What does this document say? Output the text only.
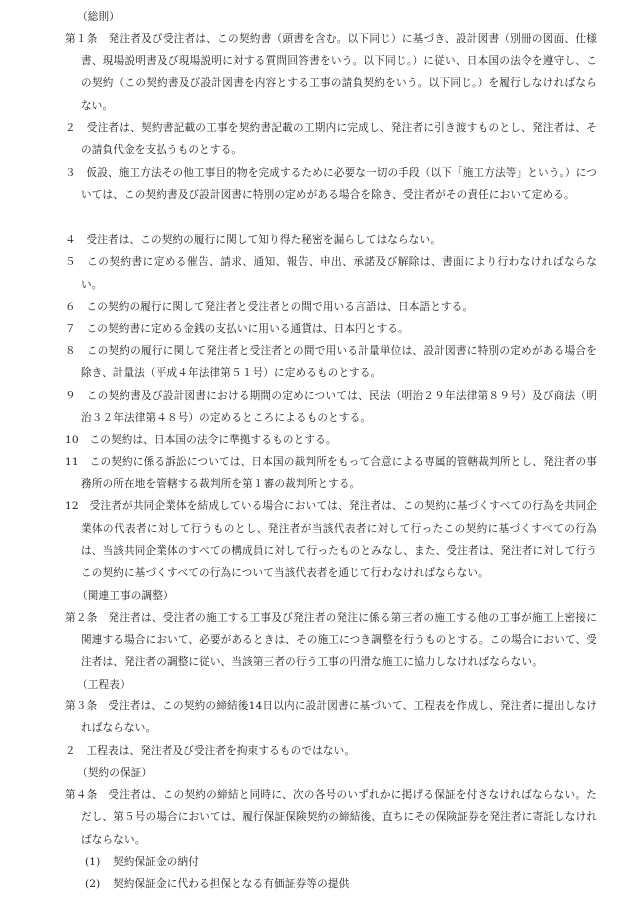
（総則）
第１条　発注者及び受注者は、この契約書（頭書を含む。以下同じ）に基づき、設計図書（別冊の図面、仕様書、現場説明書及び現場説明に対する質問回答書をいう。以下同じ。）に従い、日本国の法令を遵守し、この契約（この契約書及び設計図書を内容とする工事の請負契約をいう。以下同じ。）を履行しなければならない。
２　受注者は、契約書記載の工事を契約書記載の工期内に完成し、発注者に引き渡すものとし、発注者は、その請負代金を支払うものとする。
３　仮設、施工方法その他工事目的物を完成するために必要な一切の手段（以下「施工方法等」という。）については、この契約書及び設計図書に特別の定めがある場合を除き、受注者がその責任において定める。
４　受注者は、この契約の履行に関して知り得た秘密を漏らしてはならない。
５　この契約書に定める催告、請求、通知、報告、申出、承諾及び解除は、書面により行わなければならない。
６　この契約の履行に関して発注者と受注者との間で用いる言語は、日本語とする。
７　この契約書に定める金銭の支払いに用いる通貨は、日本円とする。
８　この契約の履行に関して発注者と受注者との間で用いる計量単位は、設計図書に特別の定めがある場合を除き、計量法（平成４年法律第５１号）に定めるものとする。
９　この契約書及び設計図書における期間の定めについては、民法（明治２９年法律第８９号）及び商法（明治３２年法律第４８号）の定めるところによるものとする。
10　この契約は、日本国の法令に準拠するものとする。
11　この契約に係る訴訟については、日本国の裁判所をもって合意による専属的管轄裁判所とし、発注者の事務所の所在地を管轄する裁判所を第１審の裁判所とする。
12　受注者が共同企業体を結成している場合においては、発注者は、この契約に基づくすべての行為を共同企業体の代表者に対して行うものとし、発注者が当該代表者に対して行ったこの契約に基づくすべての行為は、当該共同企業体のすべての構成員に対して行ったものとみなし、また、受注者は、発注者に対して行うこの契約に基づくすべての行為について当該代表者を通じて行わなければならない。
（関連工事の調整）
第２条　発注者は、受注者の施工する工事及び発注者の発注に係る第三者の施工する他の工事が施工上密接に関連する場合において、必要があるときは、その施工につき調整を行うものとする。この場合において、受注者は、発注者の調整に従い、当該第三者の行う工事の円滑な施工に協力しなければならない。
（工程表）
第３条　受注者は、この契約の締結後14日以内に設計図書に基づいて、工程表を作成し、発注者に提出しなければならない。
２　工程表は、発注者及び受注者を拘束するものではない。
（契約の保証）
第４条　受注者は、この契約の締結と同時に、次の各号のいずれかに掲げる保証を付さなければならない。ただし、第５号の場合においては、履行保証保険契約の締結後、直ちにその保険証券を発注者に寄託しなければならない。
(1) 契約保証金の納付
(2) 契約保証金に代わる担保となる有価証券等の提供
